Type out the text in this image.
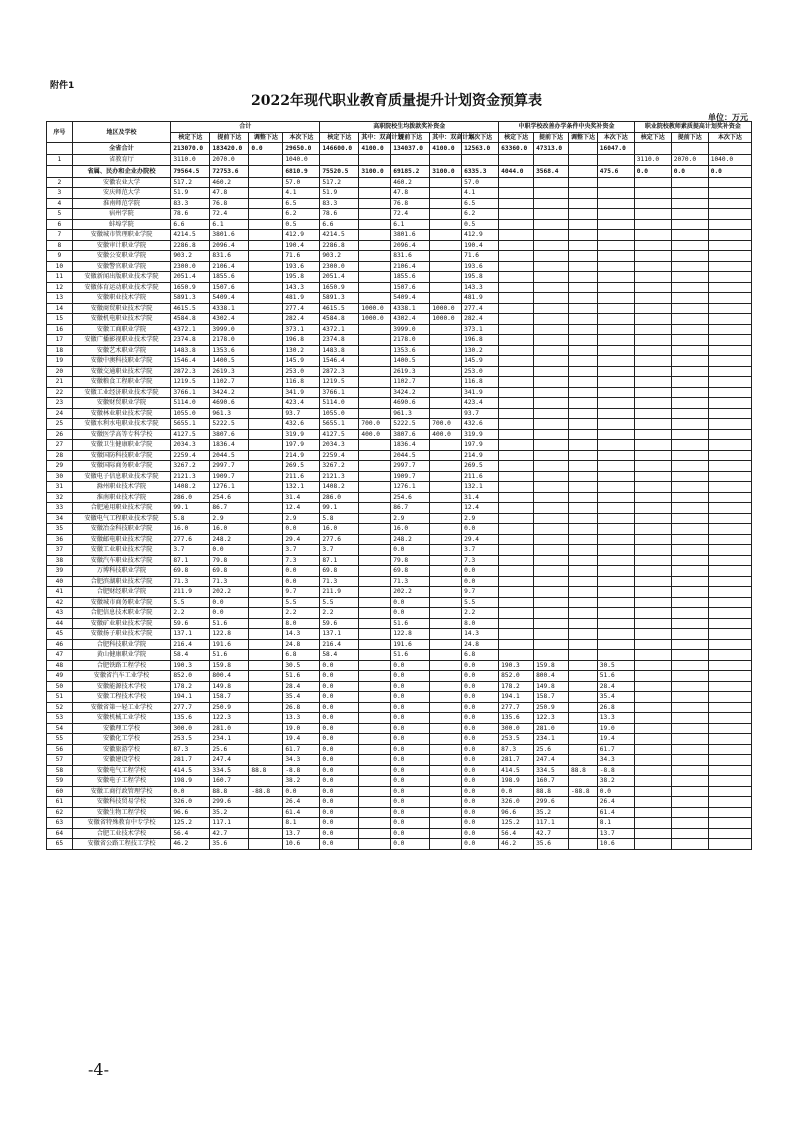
附件1
2022年现代职业教育质量提升计划资金预算表
单位：万元
序号	地区及学校	合计				高职院校生均拨款奖补资金					中职学校改善办学条件中央奖补资金				职业院校教师素质提高计划奖补资金		
		核定下达	提前下达	调整下达	本次下达	核定下达	其中：双高计划	提前下达	其中：双高计划	本次下达	核定下达	提前下达	调整下达	本次下达	核定下达	提前下达	本次下达
	全省合计	213070.0	183420.0	0.0	29650.0	146600.0	4100.0	134037.0	4100.0	12563.0	63360.0	47313.0		16047.0			
1	省教育厅	3110.0	2070.0		1040.0										3110.0	2070.0	1040.0
	省属、民办和企业办院校	79564.5	72753.6		6810.9	75520.5	3100.0	69185.2	3100.0	6335.3	4044.0	3568.4		475.6	0.0	0.0	0.0
2	安徽农业大学	517.2	460.2		57.0	517.2		460.2		57.0							
3	安庆师范大学	51.9	47.8		4.1	51.9		47.8		4.1							
4	淮南师范学院	83.3	76.8		6.5	83.3		76.8		6.5							
5	宿州学院	78.6	72.4		6.2	78.6		72.4		6.2							
6	蚌埠学院	6.6	6.1		0.5	6.6		6.1		0.5							
7	安徽城市管理职业学院	4214.5	3801.6		412.9	4214.5		3801.6		412.9							
8	安徽审计职业学院	2286.8	2096.4		190.4	2286.8		2096.4		190.4							
9	安徽公安职业学院	903.2	831.6		71.6	903.2		831.6		71.6							
10	安徽警官职业学院	2300.0	2106.4		193.6	2300.0		2106.4		193.6							
11	安徽新闻出版职业技术学院	2051.4	1855.6		195.8	2051.4		1855.6		195.8							
12	安徽体育运动职业技术学院	1650.9	1507.6		143.3	1650.9		1507.6		143.3							
13	安徽职业技术学院	5891.3	5409.4		481.9	5891.3		5409.4		481.9							
14	安徽商贸职业技术学院	4615.5	4338.1		277.4	4615.5	1000.0	4338.1	1000.0	277.4							
15	安徽机电职业技术学院	4584.8	4302.4		282.4	4584.8	1000.0	4302.4	1000.0	282.4							
16	安徽工商职业学院	4372.1	3999.0		373.1	4372.1		3999.0		373.1							
17	安徽广播影视职业技术学院	2374.8	2178.0		196.8	2374.8		2178.0		196.8							
18	安徽艺术职业学院	1483.8	1353.6		130.2	1483.8		1353.6		130.2							
19	安徽中澳科技职业学院	1546.4	1400.5		145.9	1546.4		1400.5		145.9							
20	安徽交通职业技术学院	2872.3	2619.3		253.0	2872.3		2619.3		253.0							
21	安徽粮食工程职业学院	1219.5	1102.7		116.8	1219.5		1102.7		116.8							
22	安徽工业经济职业技术学院	3766.1	3424.2		341.9	3766.1		3424.2		341.9							
23	安徽财贸职业学院	5114.0	4690.6		423.4	5114.0		4690.6		423.4							
24	安徽林业职业技术学院	1055.0	961.3		93.7	1055.0		961.3		93.7							
25	安徽水利水电职业技术学院	5655.1	5222.5		432.6	5655.1	700.0	5222.5	700.0	432.6							
26	安徽医学高等专科学校	4127.5	3807.6		319.9	4127.5	400.0	3807.6	400.0	319.9							
27	安徽卫生健康职业学院	2034.3	1836.4		197.9	2034.3		1836.4		197.9							
28	安徽国防科技职业学院	2259.4	2044.5		214.9	2259.4		2044.5		214.9							
29	安徽国际商务职业学院	3267.2	2997.7		269.5	3267.2		2997.7		269.5							
30	安徽电子信息职业技术学院	2121.3	1909.7		211.6	2121.3		1909.7		211.6							
31	滁州职业技术学院	1408.2	1276.1		132.1	1408.2		1276.1		132.1							
32	淮南职业技术学院	286.0	254.6		31.4	286.0		254.6		31.4							
33	合肥通用职业技术学院	99.1	86.7		12.4	99.1		86.7		12.4							
34	安徽电气工程职业技术学院	5.8	2.9		2.9	5.8		2.9		2.9							
35	安徽冶金科技职业学院	16.0	16.0		0.0	16.0		16.0		0.0							
36	安徽邮电职业技术学院	277.6	248.2		29.4	277.6		248.2		29.4							
37	安徽工业职业技术学院	3.7	0.0		3.7	3.7		0.0		3.7							
38	安徽汽车职业技术学院	87.1	79.8		7.3	87.1		79.8		7.3							
39	万博科技职业学院	69.8	69.8		0.0	69.8		69.8		0.0							
40	合肥滨湖职业技术学院	71.3	71.3		0.0	71.3		71.3		0.0							
41	合肥财经职业学院	211.9	202.2		9.7	211.9		202.2		9.7							
42	安徽城市商务职业学院	5.5	0.0		5.5	5.5		0.0		5.5							
43	合肥信息技术职业学院	2.2	0.0		2.2	2.2		0.0		2.2							
44	安徽矿业职业技术学院	59.6	51.6		8.0	59.6		51.6		8.0							
45	安徽扬子职业技术学院	137.1	122.8		14.3	137.1		122.8		14.3							
46	合肥科技职业学院	216.4	191.6		24.8	216.4		191.6		24.8							
47	黄山健康职业学院	58.4	51.6		6.8	58.4		51.6		6.8							
48	合肥铁路工程学校	190.3	159.8		30.5	0.0		0.0		0.0	190.3	159.8		30.5			
49	安徽省汽车工业学校	852.0	800.4		51.6	0.0		0.0		0.0	852.0	800.4		51.6			
50	安徽能源技术学校	178.2	149.8		28.4	0.0		0.0		0.0	178.2	149.8		28.4			
51	安徽工程技术学校	194.1	158.7		35.4	0.0		0.0		0.0	194.1	158.7		35.4			
52	安徽省第一轻工业学校	277.7	250.9		26.8	0.0		0.0		0.0	277.7	250.9		26.8			
53	安徽机械工业学校	135.6	122.3		13.3	0.0		0.0		0.0	135.6	122.3		13.3			
54	安徽理工学校	300.0	281.0		19.0	0.0		0.0		0.0	300.0	281.0		19.0			
55	安徽化工学校	253.5	234.1		19.4	0.0		0.0		0.0	253.5	234.1		19.4			
56	安徽旅游学校	87.3	25.6		61.7	0.0		0.0		0.0	87.3	25.6		61.7			
57	安徽建设学校	281.7	247.4		34.3	0.0		0.0		0.0	281.7	247.4		34.3			
58	安徽电气工程学校	414.5	334.5	88.8	-8.8	0.0		0.0		0.0	414.5	334.5	88.8	-8.8			
59	安徽电子工程学校	198.9	160.7		38.2	0.0		0.0		0.0	198.9	160.7		38.2			
60	安徽工商行政管理学校	0.0	88.8	-88.8	0.0	0.0		0.0		0.0	0.0	88.8	-88.8	0.0			
61	安徽科技贸易学校	326.0	299.6		26.4	0.0		0.0		0.0	326.0	299.6		26.4			
62	安徽生物工程学校	96.6	35.2		61.4	0.0		0.0		0.0	96.6	35.2		61.4			
63	安徽省特殊教育中专学校	125.2	117.1		8.1	0.0		0.0		0.0	125.2	117.1		8.1			
64	合肥工业技术学校	56.4	42.7		13.7	0.0		0.0		0.0	56.4	42.7		13.7			
65	安徽省公路工程技工学校	46.2	35.6		10.6	0.0		0.0		0.0	46.2	35.6		10.6			
-4-
